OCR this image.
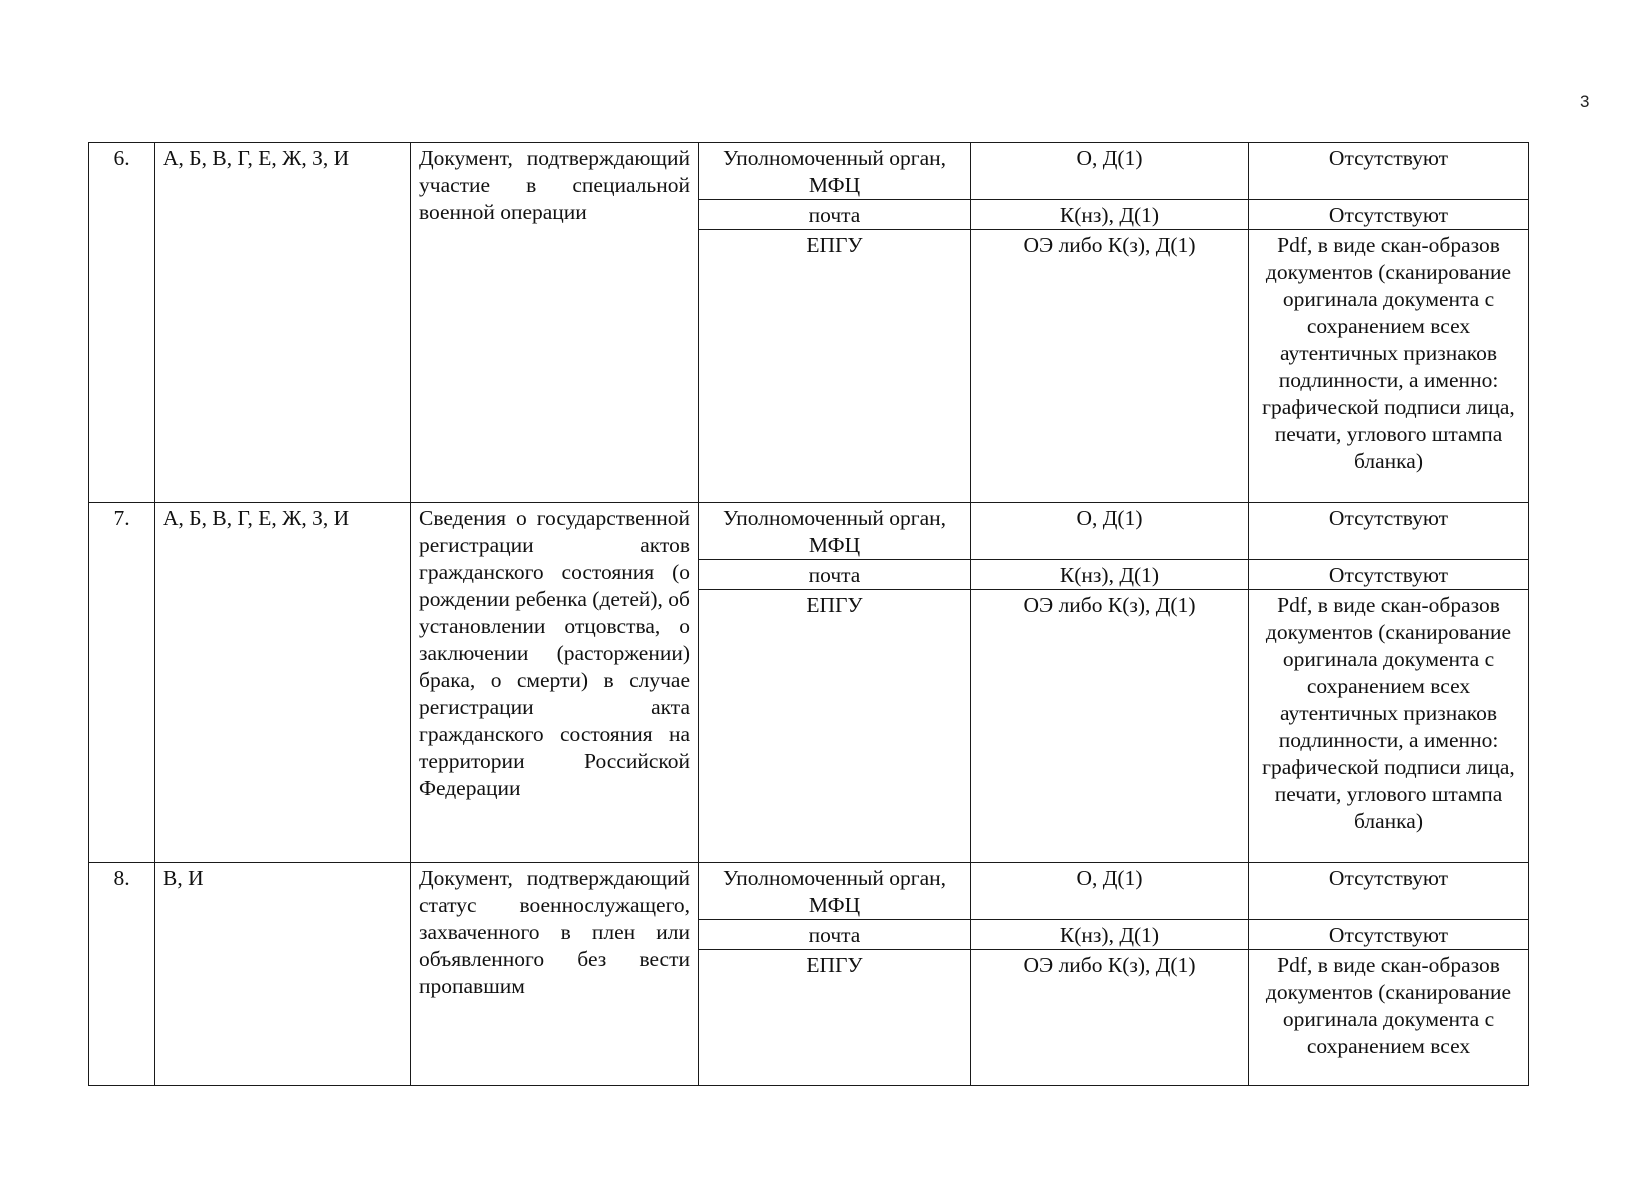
3
6.	А, Б, В, Г, Е, Ж, З, И	Документ, подтверждающий участие в специальной военной операции	Уполномоченный орган, МФЦ	О, Д(1)	Отсутствуют
			почта	К(нз), Д(1)	Отсутствуют
			ЕПГУ	ОЭ либо К(з), Д(1)	Pdf, в виде скан-образов документов (сканирование оригинала документа с сохранением всех аутентичных признаков подлинности, а именно: графической подписи лица, печати, углового штампа бланка)
7.	А, Б, В, Г, Е, Ж, З, И	Сведения о государственной регистрации актов гражданского состояния (о рождении ребенка (детей), об установлении отцовства, о заключении (расторжении) брака, о смерти) в случае регистрации акта гражданского состояния на территории Российской Федерации	Уполномоченный орган, МФЦ	О, Д(1)	Отсутствуют
			почта	К(нз), Д(1)	Отсутствуют
			ЕПГУ	ОЭ либо К(з), Д(1)	Pdf, в виде скан-образов документов (сканирование оригинала документа с сохранением всех аутентичных признаков подлинности, а именно: графической подписи лица, печати, углового штампа бланка)
8.	В, И	Документ, подтверждающий статус военнослужащего, захваченного в плен или объявленного без вести пропавшим	Уполномоченный орган, МФЦ	О, Д(1)	Отсутствуют
			почта	К(нз), Д(1)	Отсутствуют
			ЕПГУ	ОЭ либо К(з), Д(1)	Pdf, в виде скан-образов документов (сканирование оригинала документа с сохранением всех
